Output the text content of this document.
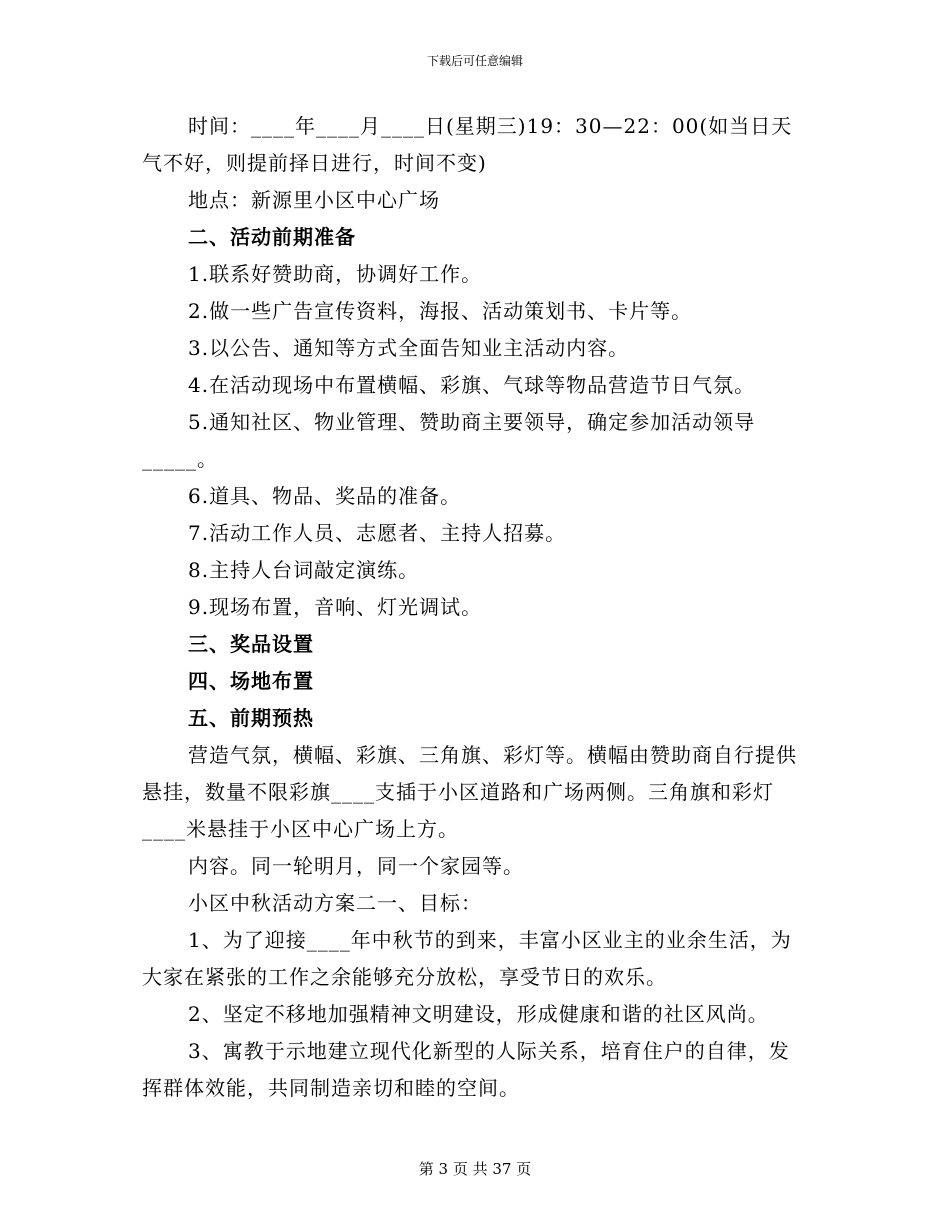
下载后可任意编辑

时间：____年____月____日(星期三)19：30—22：00(如当日天气不好，则提前择日进行，时间不变)

地点：新源里小区中心广场

二、活动前期准备

1.联系好赞助商，协调好工作。

2.做一些广告宣传资料，海报、活动策划书、卡片等。

3.以公告、通知等方式全面告知业主活动内容。

4.在活动现场中布置横幅、彩旗、气球等物品营造节日气氛。

5.通知社区、物业管理、赞助商主要领导，确定参加活动领导_____。

6.道具、物品、奖品的准备。

7.活动工作人员、志愿者、主持人招募。

8.主持人台词敲定演练。

9.现场布置，音响、灯光调试。

三、奖品设置

四、场地布置

五、前期预热

营造气氛，横幅、彩旗、三角旗、彩灯等。横幅由赞助商自行提供悬挂，数量不限彩旗____支插于小区道路和广场两侧。三角旗和彩灯____米悬挂于小区中心广场上方。

内容。同一轮明月，同一个家园等。

小区中秋活动方案二一、目标：

1、为了迎接____年中秋节的到来，丰富小区业主的业余生活，为大家在紧张的工作之余能够充分放松，享受节日的欢乐。

2、坚定不移地加强精神文明建设，形成健康和谐的社区风尚。

3、寓教于示地建立现代化新型的人际关系，培育住户的自律，发挥群体效能，共同制造亲切和睦的空间。

第 3 页 共 37 页
